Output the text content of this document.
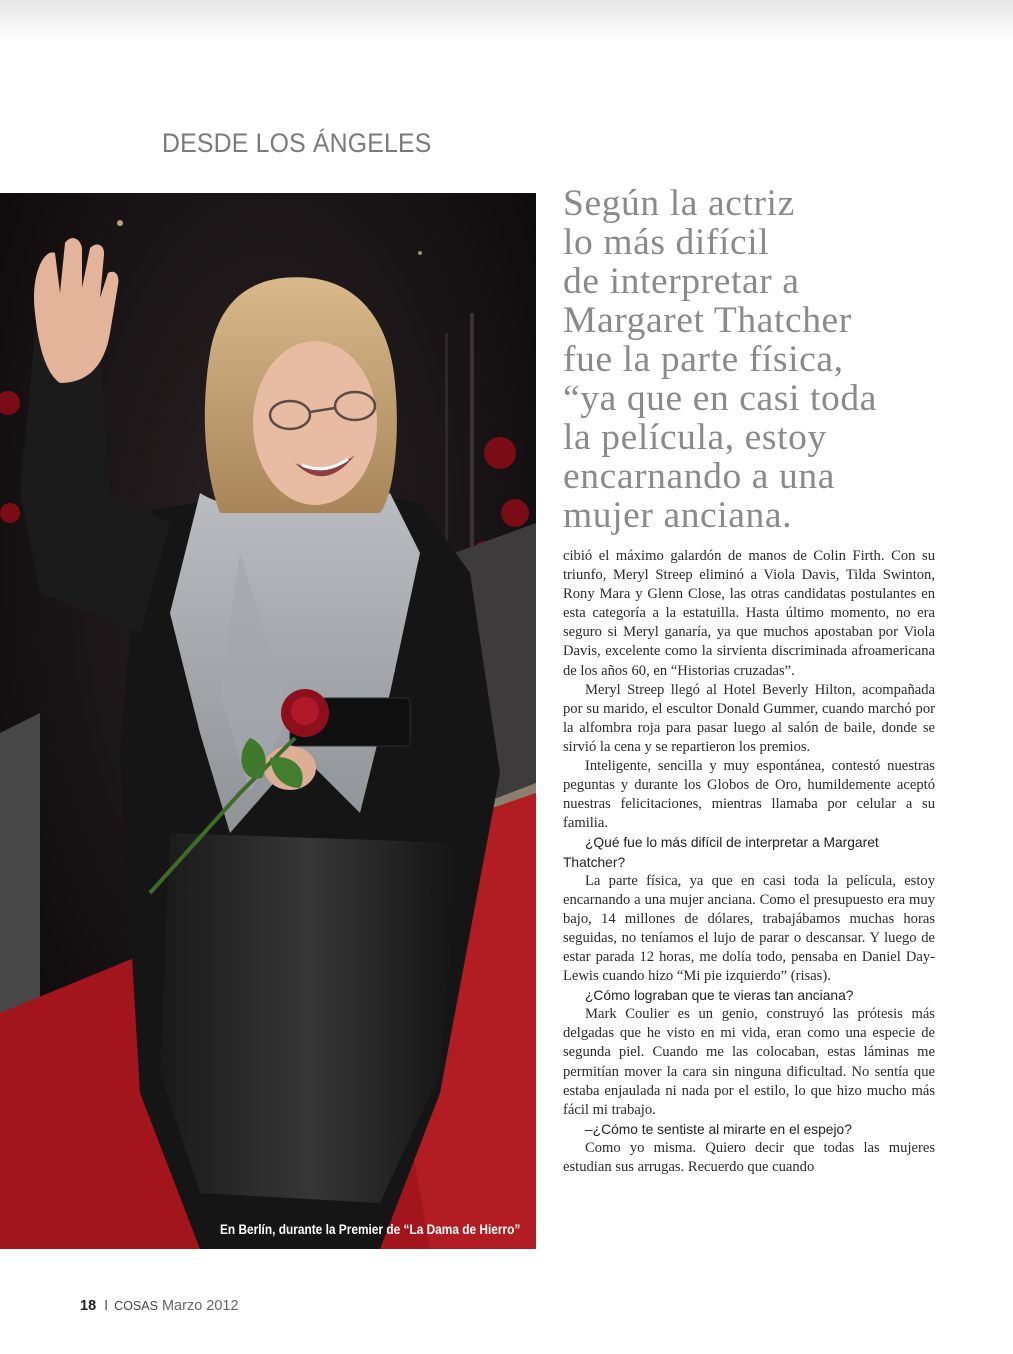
DESDE LOS ÁNGELES
En Berlín, durante la Premier de “La Dama de Hierro”
Según la actriz
lo más difícil
de interpretar a
Margaret Thatcher
fue la parte física,
“ya que en casi toda
la película, estoy
encarnando a una
mujer anciana.

cibió el máximo galardón de manos de Colin Firth. Con su triunfo, Meryl Streep eliminó a Viola Davis, Tilda Swinton, Rony Mara y Glenn Close, las otras candidatas postulantes en esta categoría a la estatuilla. Hasta último momento, no era seguro si Meryl ganaría, ya que muchos apostaban por Viola Davis, excelente como la sirvienta discriminada afroamericana de los años 60, en “Historias cruzadas”.

Meryl Streep llegó al Hotel Beverly Hilton, acompañada por su marido, el escultor Donald Gummer, cuando marchó por la alfombra roja para pasar luego al salón de baile, donde se sirvió la cena y se repartieron los premios.

Inteligente, sencilla y muy espontánea, contestó nuestras peguntas y durante los Globos de Oro, humildemente aceptó nuestras felicitaciones, mientras llamaba por celular a su familia.

¿Qué fue lo más difícil de interpretar a Margaret Thatcher?

La parte física, ya que en casi toda la película, estoy encarnando a una mujer anciana. Como el presupuesto era muy bajo, 14 millones de dólares, trabajábamos muchas horas seguidas, no teníamos el lujo de parar o descansar. Y luego de estar parada 12 horas, me dolía todo, pensaba en Daniel Day-Lewis cuando hizo “Mi pie izquierdo” (risas).

¿Cómo lograban que te vieras tan anciana?

Mark Coulier es un genio, construyó las prótesis más delgadas que he visto en mi vida, eran como una especie de segunda piel. Cuando me las colocaban, estas láminas me permitían mover la cara sin ninguna dificultad. No sentía que estaba enjaulada ni nada por el estilo, lo que hizo mucho más fácil mi trabajo.

–¿Cómo te sentiste al mirarte en el espejo?

Como yo misma. Quiero decir que todas las mujeres estudian sus arrugas. Recuerdo que cuando

18 I COSAS Marzo 2012
